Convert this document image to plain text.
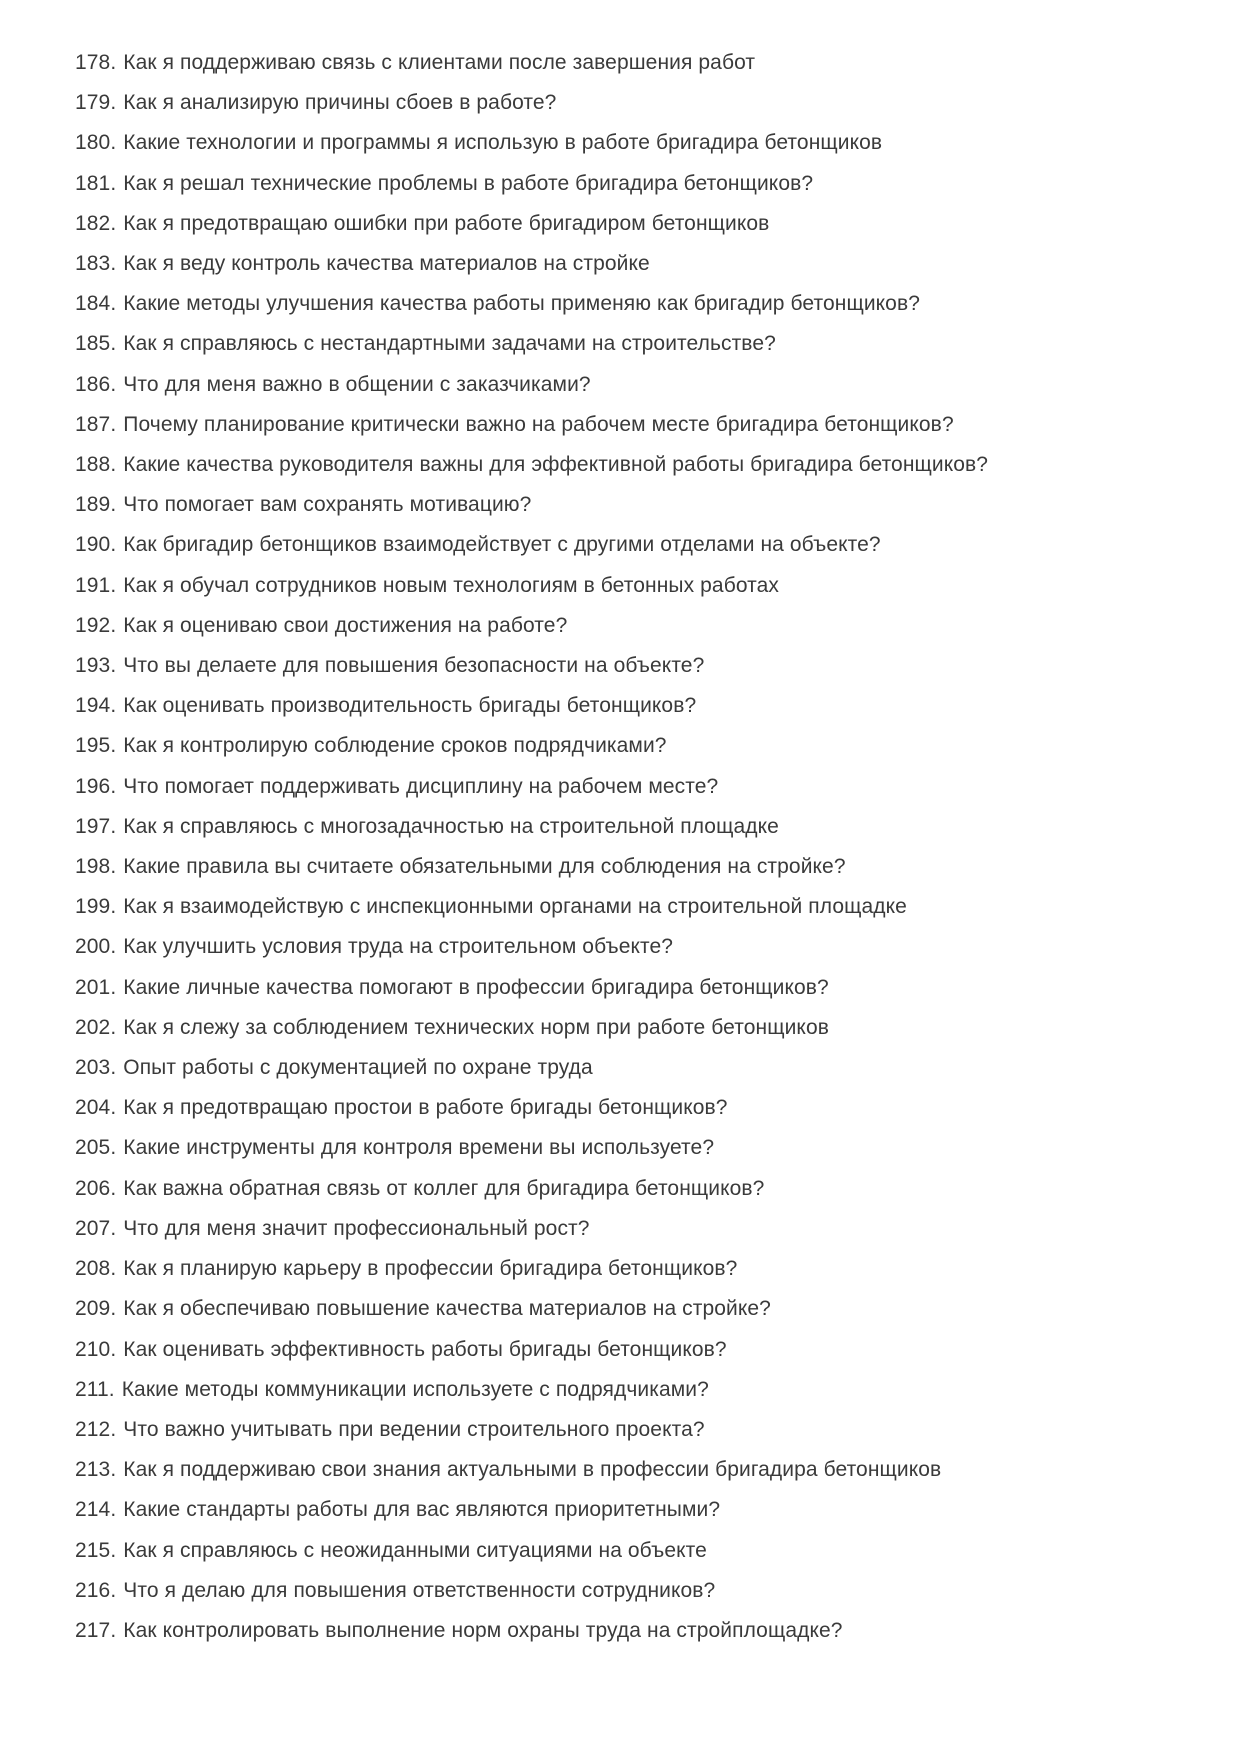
178. Как я поддерживаю связь с клиентами после завершения работ
179. Как я анализирую причины сбоев в работе?
180. Какие технологии и программы я использую в работе бригадира бетонщиков
181. Как я решал технические проблемы в работе бригадира бетонщиков?
182. Как я предотвращаю ошибки при работе бригадиром бетонщиков
183. Как я веду контроль качества материалов на стройке
184. Какие методы улучшения качества работы применяю как бригадир бетонщиков?
185. Как я справляюсь с нестандартными задачами на строительстве?
186. Что для меня важно в общении с заказчиками?
187. Почему планирование критически важно на рабочем месте бригадира бетонщиков?
188. Какие качества руководителя важны для эффективной работы бригадира бетонщиков?
189. Что помогает вам сохранять мотивацию?
190. Как бригадир бетонщиков взаимодействует с другими отделами на объекте?
191. Как я обучал сотрудников новым технологиям в бетонных работах
192. Как я оцениваю свои достижения на работе?
193. Что вы делаете для повышения безопасности на объекте?
194. Как оценивать производительность бригады бетонщиков?
195. Как я контролирую соблюдение сроков подрядчиками?
196. Что помогает поддерживать дисциплину на рабочем месте?
197. Как я справляюсь с многозадачностью на строительной площадке
198. Какие правила вы считаете обязательными для соблюдения на стройке?
199. Как я взаимодействую с инспекционными органами на строительной площадке
200. Как улучшить условия труда на строительном объекте?
201. Какие личные качества помогают в профессии бригадира бетонщиков?
202. Как я слежу за соблюдением технических норм при работе бетонщиков
203. Опыт работы с документацией по охране труда
204. Как я предотвращаю простои в работе бригады бетонщиков?
205. Какие инструменты для контроля времени вы используете?
206. Как важна обратная связь от коллег для бригадира бетонщиков?
207. Что для меня значит профессиональный рост?
208. Как я планирую карьеру в профессии бригадира бетонщиков?
209. Как я обеспечиваю повышение качества материалов на стройке?
210. Как оценивать эффективность работы бригады бетонщиков?
211. Какие методы коммуникации используете с подрядчиками?
212. Что важно учитывать при ведении строительного проекта?
213. Как я поддерживаю свои знания актуальными в профессии бригадира бетонщиков
214. Какие стандарты работы для вас являются приоритетными?
215. Как я справляюсь с неожиданными ситуациями на объекте
216. Что я делаю для повышения ответственности сотрудников?
217. Как контролировать выполнение норм охраны труда на стройплощадке?
